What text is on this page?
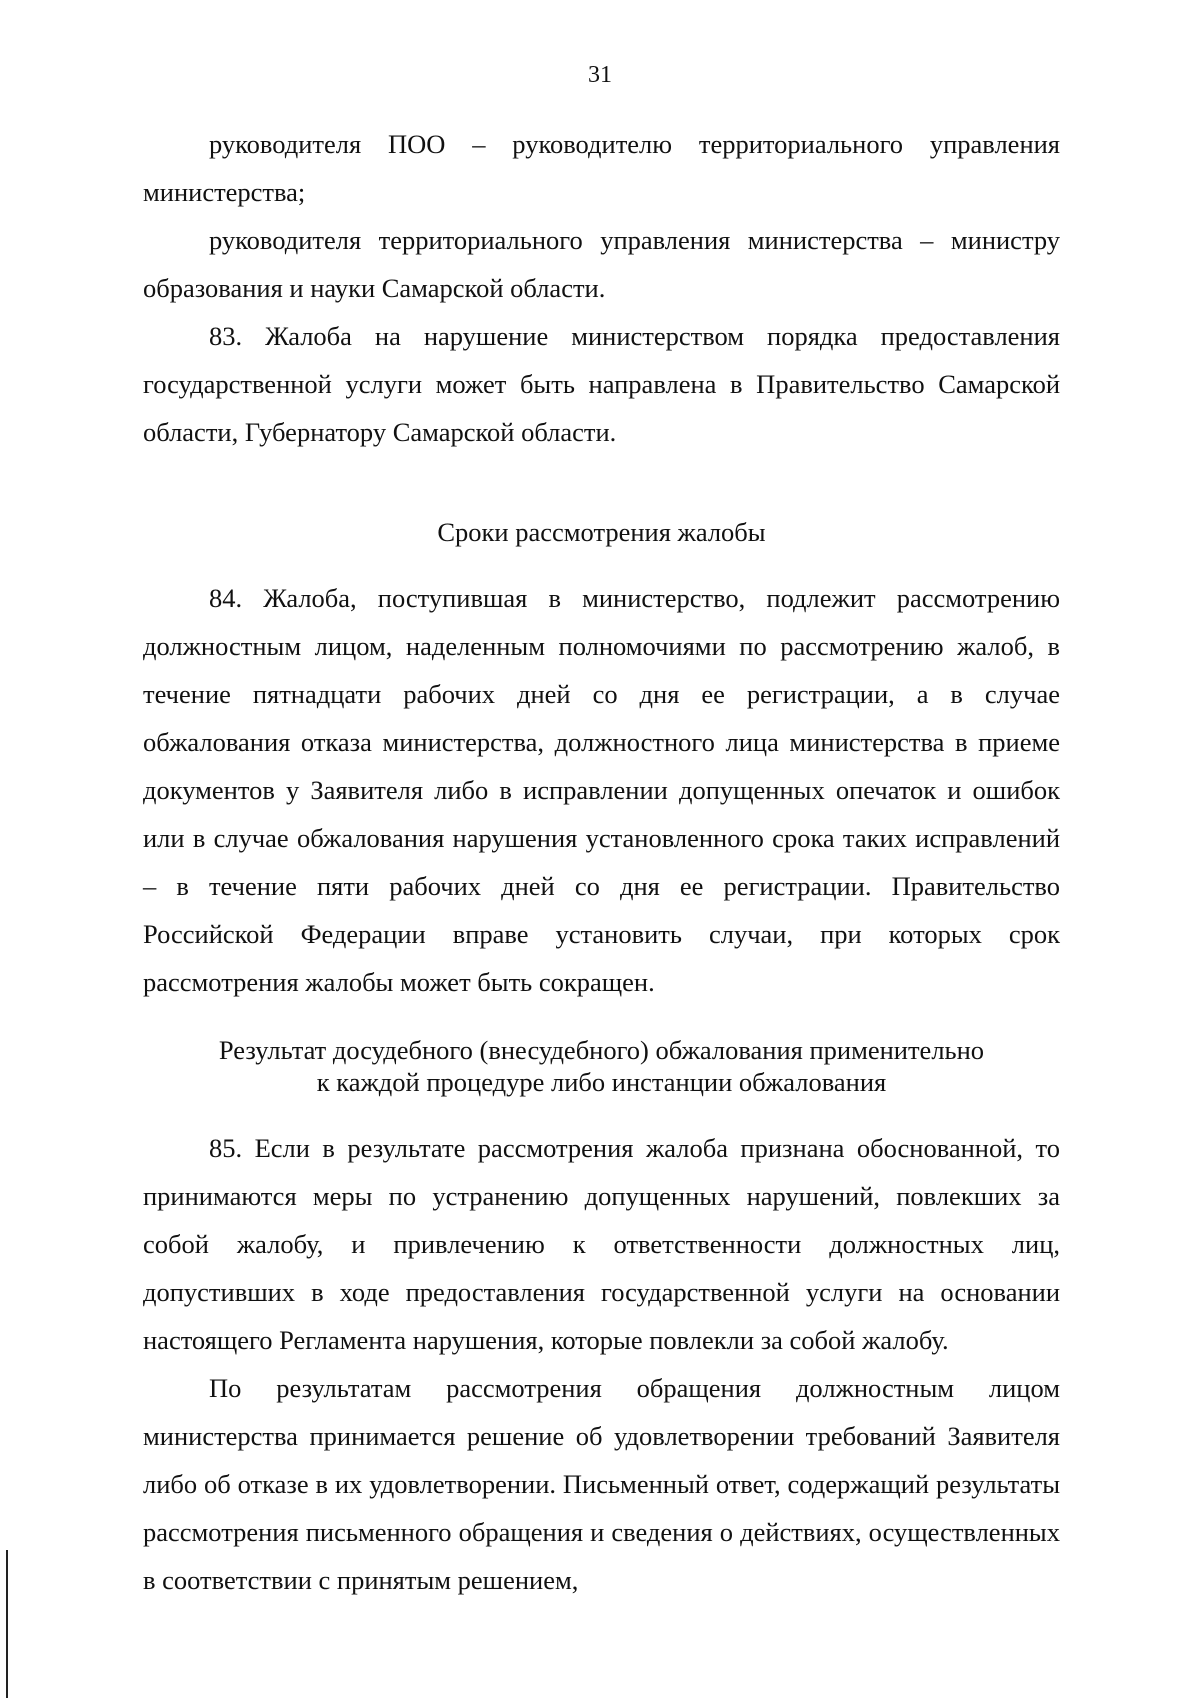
31

руководителя ПОО – руководителю территориального управления министерства;

руководителя территориального управления министерства – министру образования и науки Самарской области.

83. Жалоба на нарушение министерством порядка предоставления государственной услуги может быть направлена в Правительство Самарской области, Губернатору Самарской области.

Сроки рассмотрения жалобы

84. Жалоба, поступившая в министерство, подлежит рассмотрению должностным лицом, наделенным полномочиями по рассмотрению жалоб, в течение пятнадцати рабочих дней со дня ее регистрации, а в случае обжалования отказа министерства, должностного лица министерства в приеме документов у Заявителя либо в исправлении допущенных опечаток и ошибок или в случае обжалования нарушения установленного срока таких исправлений – в течение пяти рабочих дней со дня ее регистрации. Правительство Российской Федерации вправе установить случаи, при которых срок рассмотрения жалобы может быть сокращен.

Результат досудебного (внесудебного) обжалования применительно
к каждой процедуре либо инстанции обжалования

85. Если в результате рассмотрения жалоба признана обоснованной, то принимаются меры по устранению допущенных нарушений, повлекших за собой жалобу, и привлечению к ответственности должностных лиц, допустивших в ходе предоставления государственной услуги на основании настоящего Регламента нарушения, которые повлекли за собой жалобу.

По результатам рассмотрения обращения должностным лицом министерства принимается решение об удовлетворении требований Заявителя либо об отказе в их удовлетворении. Письменный ответ, содержащий результаты рассмотрения письменного обращения и сведения о действиях, осуществленных в соответствии с принятым решением,
